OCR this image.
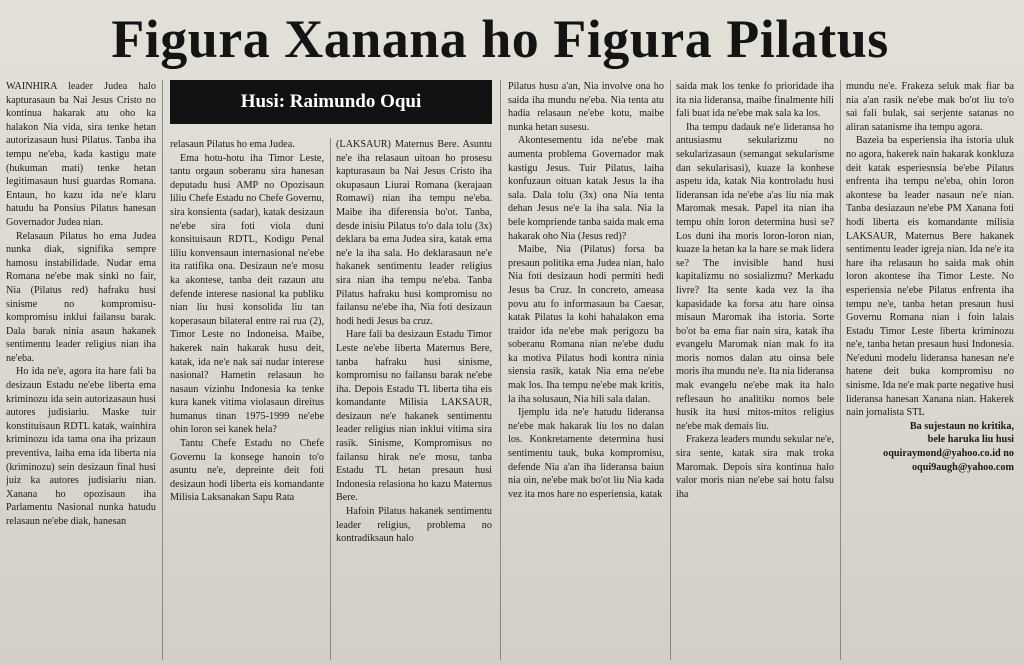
Figura Xanana ho Figura Pilatus
Husi: Raimundo Oqui

WAINHIRA leader Judea halo kapturasaun ba Nai Jesus Cristo no kontinua hakarak atu oho ka halakon Nia vida, sira tenke hetan autorizasaun husi Pilatus. Tanba iha tempu ne'eba, kada kastigu mate (hukuman mati) tenke hetan legitimasaun husi guardas Romana. Entaun, ho kazu ida ne'e klaru hatudu ba Ponsius Pilatus hanesan Governador Judea nian.

Relasaun Pilatus ho ema Judea nunka diak, signifika sempre hamosu instabilidade. Nudar ema Romana ne'ebe mak sinki no fair, Nia (Pilatus red) hafraku husi sinisme no kompromisu-kompromisu inklui failansu barak. Dala barak ninia asaun hakanek sentimentu leader religius nian iha ne'eba.

Ho ida ne'e, agora ita hare fali ba desizaun Estadu ne'ebe liberta ema kriminozu ida sein autorizasaun husi autores judisiariu. Maske tuir konstituisaun RDTL katak, wainhira kriminozu ida tama ona iha prizaun preventiva, laiha ema ida liberta nia (kriminozu) sein desizaun final husi juiz ka autores judisiariu nian. Xanana ho opozisaun iha Parlamentu Nasional nunka hatudu relasaun ne'ebe diak, hanesan

relasaun Pilatus ho ema Judea.

Ema hotu-hotu iha Timor Leste, tantu orgaun soberanu sira hanesan deputadu husi AMP no Opozisaun liliu Chefe Estadu no Chefe Governu, sira konsienta (sadar), katak desizaun ne'ebe sira foti viola duni konsituisaun RDTL, Kodigu Penal liliu konvensaun internasional ne'ebe ita ratifika ona. Desizaun ne'e mosu ka akontese, tanba deit razaun atu defende interese nasional ka publiku nian liu husi konsolida liu tan koperasaun bilateral entre rai rua (2), Timor Leste no Indoneisa. Maibe, hakerek nain hakarak husu deit, katak, ida ne'e nak sai nudar interese nasional? Hametin relasaun ho nasaun vizinhu Indonesia ka tenke kura kanek vitima violasaun direitus humanus tinan 1975-1999 ne'ebe ohin loron sei kanek hela?

Tantu Chefe Estadu no Chefe Governu la konsege hanoin to'o asuntu ne'e, depreinte deit foti desizaun hodi liberta eis komandante Milisia Laksanakan Sapu Rata

(LAKSAUR) Maternus Bere. Asuntu ne'e iha relasaun uitoan ho prosesu kapturasaun ba Nai Jesus Cristo iha okupasaun Liurai Romana (kerajaan Romawi) nian iha tempu ne'eba. Maibe iha diferensia bo'ot. Tanba, desde inisiu Pilatus to'o dala tolu (3x) deklara ba ema Judea sira, katak ema ne'e la iha sala. Ho deklarasaun ne'e hakanek sentimentu leader religius sira nian iha tempu ne'eba. Tanba Pilatus hafraku husi kompromisu no failansu ne'ebe iha, Nia foti desizaun hodi hedi Jesus ba cruz.

Hare fali ba desizaun Estadu Timor Leste ne'ebe liberta Maternus Bere, tanba hafraku husi sinisme, kompromisu no failansu barak ne'ebe iha. Depois Estadu TL liberta tiha eis komandante Milisia LAKSAUR, desizaun ne'e hakanek sentimentu leader religius nian inklui vitima sira rasik. Sinisme, Kompromisus no failansu hirak ne'e mosu, tanba Estadu TL hetan presaun husi Indonesia relasiona ho kazu Maternus Bere.

Hafoin Pilatus hakanek sentimentu leader religius, problema no kontradiksaun halo

Pilatus husu a'an, Nia involve ona ho saida iha mundu ne'eba. Nia tenta atu hadia relasaun ne'ebe kotu, maibe nunka hetan susesu.

Akontesementu ida ne'ebe mak aumenta problema Governador mak kastigu Jesus. Tuir Pilatus, laiha konfuzaun oituan katak Jesus la iha sala. Dala tolu (3x) ona Nia tenta dehan Jesus ne'e la iha sala. Nia la bele kompriende tanba saida mak ema hakarak oho Nia (Jesus red)?

Maibe, Nia (Pilatus) forsa ba presaun politika ema Judea nian, halo Nia foti desizaun hodi permiti hedi Jesus ba Cruz. In concreto, ameasa povu atu fo informasaun ba Caesar, katak Pilatus la kohi hahalakon ema traidor ida ne'ebe mak perigozu ba soberanu Romana nian ne'ebe dudu ka motiva Pilatus hodi kontra ninia siensia rasik, katak Nia ema ne'ebe mak los. Iha tempu ne'ebe mak kritis, la iha solusaun, Nia hili sala dalan.

Ijemplu ida ne'e hatudu lideransa ne'ebe mak hakarak liu los no dalan los. Konkretamente determina husi sentimentu tauk, buka kompromisu, defende Nia a'an iha lideransa baiun nia oin, ne'ebe mak bo'ot liu Nia kada vez ita mos hare no esperiensia, katak

saida mak los tenke fo prioridade iha ita nia lideransa, maibe finalmente hili fali buat ida ne'ebe mak sala ka los.

Iha tempu dadauk ne'e lideransa ho antusiasmu sekularizmu no sekularizasaun (semangat sekularisme dan sekularisasi), kuaze la konhese aspetu ida, katak Nia kontroladu husi lideransan ida ne'ebe a'as liu nia mak Maromak mesak. Papel ita nian iha tempu ohin loron determina husi se? Los duni iha moris loron-loron nian, kuaze la hetan ka la hare se mak lidera se? The invisible hand husi kapitalizmu no sosializmu? Merkadu livre? Ita sente kada vez la iha kapasidade ka forsa atu hare oinsa misaun Maromak iha istoria. Sorte bo'ot ba ema fiar nain sira, katak iha evangelu Maromak nian mak fo ita moris nomos dalan atu oinsa bele moris iha mundu ne'e. Ita nia lideransa mak evangelu ne'ebe mak ita halo reflesaun ho analitiku nomos bele husik ita husi mitos-mitos religius ne'ebe mak demais liu.

Frakeza leaders mundu sekular ne'e, sira sente, katak sira mak troka Maromak. Depois sira kontinua halo valor moris nian ne'ebe sai hotu falsu iha

mundu ne'e. Frakeza seluk mak fiar ba nia a'an rasik ne'ebe mak bo'ot liu to'o sai fali bulak, sai serjente satanas no aliran satanisme iha tempu agora.

Bazeia ba esperiensia iha istoria uluk no agora, hakerek nain hakarak konkluza deit katak esperiesnsia be'ebe Pilatus enfrenta iha tempu ne'eba, ohin loron akontese ba leader nasaun ne'e nian. Tanba desiazaun ne'ebe PM Xanana foti hodi liberta eis komandante milisia LAKSAUR, Maternus Bere hakanek sentimentu leader igreja nian. Ida ne'e ita hare iha relasaun ho saida mak ohin loron akontese iha Timor Leste. No esperiensia ne'ebe Pilatus enfrenta iha tempu ne'e, tanba hetan presaun husi Governu Romana nian i foin lalais Estadu Timor Leste liberta kriminozu ne'e, tanba hetan presaun husi Indonesia. Ne'eduni modelu lideransa hanesan ne'e hatene deit buka kompromisu no sinisme. Ida ne'e mak parte negative husi lideransa hanesan Xanana nian. Hakerek nain jornalista STL

Ba sujestaun no kritika,
bele haruka liu husi
oquiraymond@yahoo.co.id no
oqui9augh@yahoo.com
